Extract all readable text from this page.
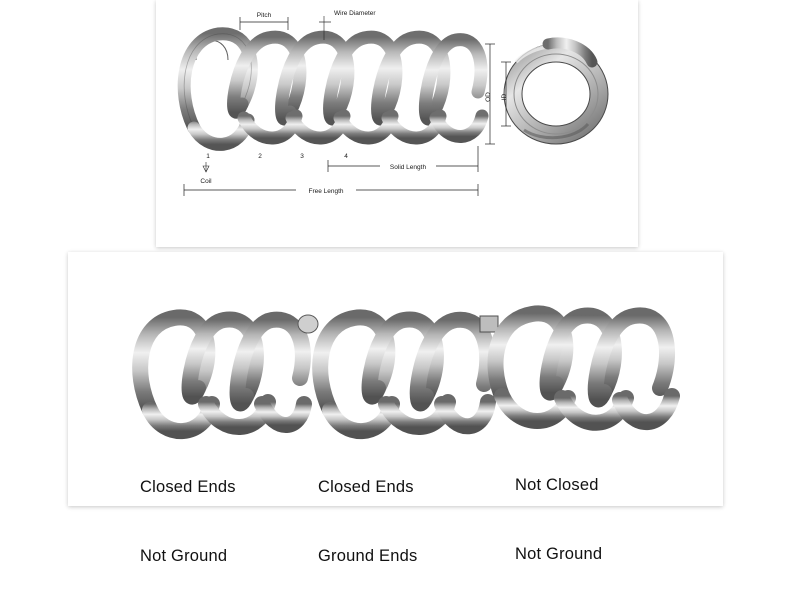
Pitch	Wire Diameter
1	2	3	4
Coil
Solid Length
Free Length
OD ID

Closed Ends

Not Ground

Closed Ends

Ground Ends

Not Closed

Not Ground
